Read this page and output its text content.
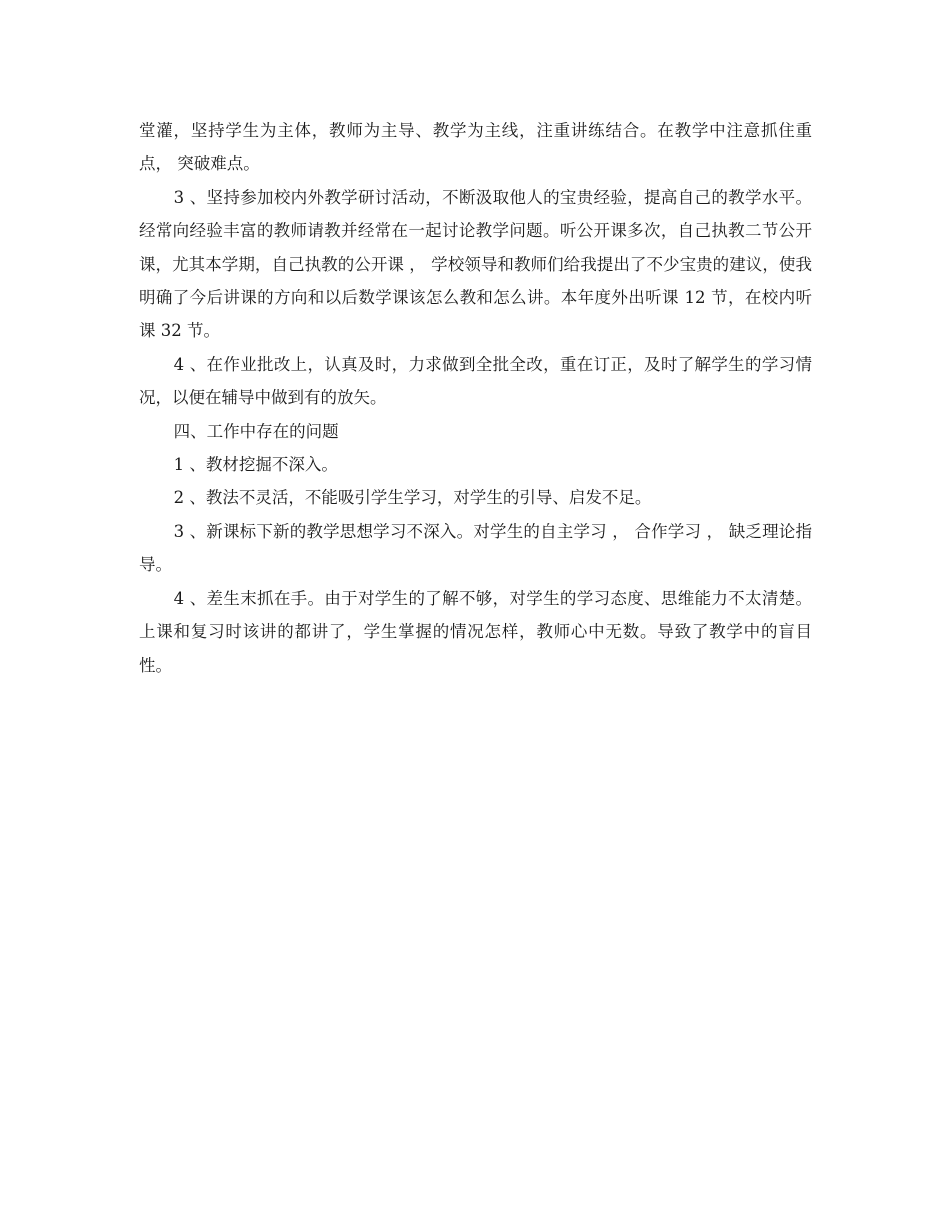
堂灌，坚持学生为主体，教师为主导、教学为主线，注重讲练结合。在教学中注意抓住重点， 突破难点。

3 、坚持参加校内外教学研讨活动，不断汲取他人的宝贵经验，提高自己的教学水平。经常向经验丰富的教师请教并经常在一起讨论教学问题。听公开课多次，自己执教二节公开课，尤其本学期，自己执教的公开课 ， 学校领导和教师们给我提出了不少宝贵的建议，使我明确了今后讲课的方向和以后数学课该怎么教和怎么讲。本年度外出听课 12 节，在校内听课 32 节。

4 、在作业批改上，认真及时，力求做到全批全改，重在订正，及时了解学生的学习情况，以便在辅导中做到有的放矢。

四、工作中存在的问题

1 、教材挖掘不深入。

2 、教法不灵活，不能吸引学生学习，对学生的引导、启发不足。

3 、新课标下新的教学思想学习不深入。对学生的自主学习 ， 合作学习 ， 缺乏理论指导。

4 、差生末抓在手。由于对学生的了解不够，对学生的学习态度、思维能力不太清楚。上课和复习时该讲的都讲了，学生掌握的情况怎样，教师心中无数。导致了教学中的盲目性。
